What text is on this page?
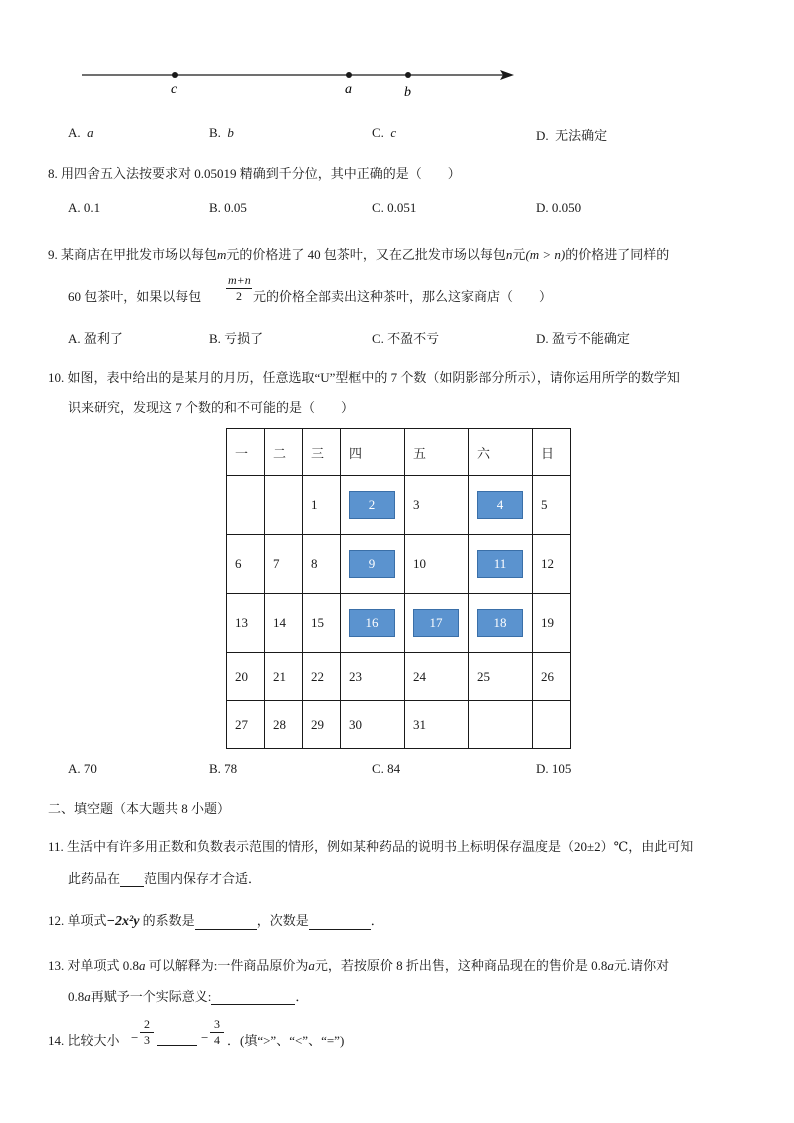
c	a	b
A. a	B. b	C. c	D. 无法确定
8. 用四舍五入法按要求对 0.05019 精确到千分位，其中正确的是（　　）
A. 0.1	B. 0.05	C. 0.051	D. 0.050
9. 某商店在甲批发市场以每包m元的价格进了 40 包茶叶，又在乙批发市场以每包n元(m > n)的价格进了同样的
60 包茶叶，如果以每包 $\frac{m+n}{2}$ 元的价格全部卖出这种茶叶，那么这家商店（　　）
A. 盈利了	B. 亏损了	C. 不盈不亏	D. 盈亏不能确定
10. 如图，表中给出的是某月的月历，任意选取“U”型框中的 7 个数（如阴影部分所示），请你运用所学的数学知
识来研究，发现这 7 个数的和不可能的是（　　）
一	二	三	四	五	六	日
		1	2	3	4	5
6	7	8	9	10	11	12
13	14	15	16	17	18	19
20	21	22	23	24	25	26
27	28	29	30	31		
A. 70	B. 78	C. 84	D. 105
二、填空题（本大题共 8 小题）
11. 生活中有许多用正数和负数表示范围的情形，例如某种药品的说明书上标明保存温度是（20±2）℃，由此可知
此药品在 范围内保存才合适．
12. 单项式−2x²y 的系数是	，次数是	．
13. 对单项式 0.8a 可以解释为:一件商品原价为a元，若按原价 8 折出售，这种商品现在的售价是 0.8a元.请你对
0.8a再赋予一个实际意义:	．
14. 比较大小 − $\frac{2}{3}$	− $\frac{3}{4}$ ．(填“>”、“<”、“=”)
